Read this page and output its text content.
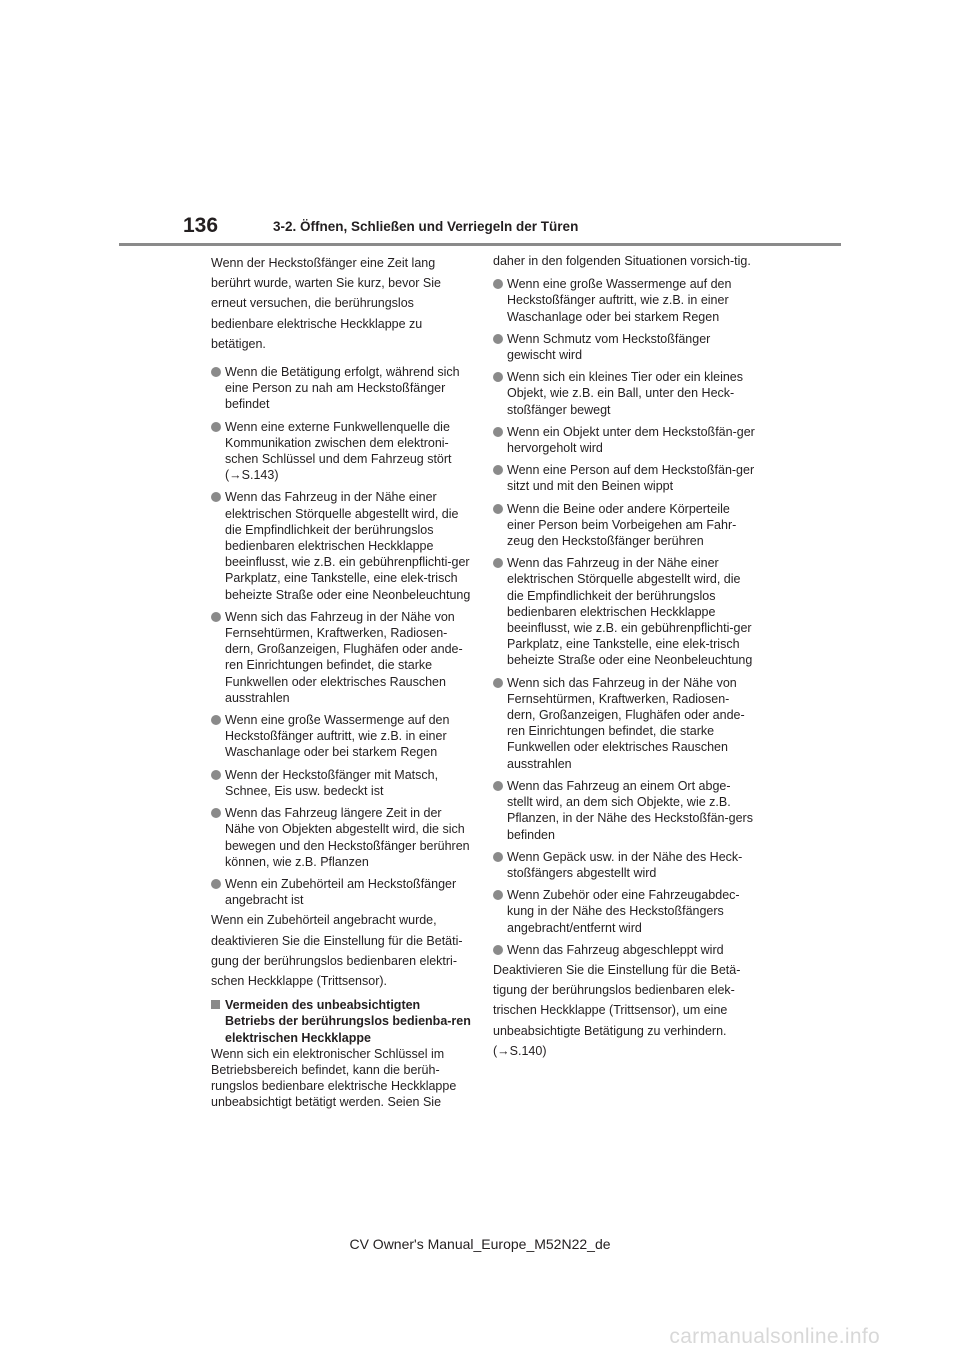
136	3-2. Öffnen, Schließen und Verriegeln der Türen

Wenn der Heckstoßfänger eine Zeit lang berührt wurde, warten Sie kurz, bevor Sie erneut versuchen, die berührungslos bedienbare elektrische Heckklappe zu betätigen.

Wenn die Betätigung erfolgt, während sich eine Person zu nah am Heckstoßfänger befindet
Wenn eine externe Funkwellenquelle die Kommunikation zwischen dem elektroni-schen Schlüssel und dem Fahrzeug stört (→S.143)
Wenn das Fahrzeug in der Nähe einer elektrischen Störquelle abgestellt wird, die die Empfindlichkeit der berührungslos bedienbaren elektrischen Heckklappe beeinflusst, wie z.B. ein gebührenpflichti-ger Parkplatz, eine Tankstelle, eine elek-trisch beheizte Straße oder eine Neonbeleuchtung
Wenn sich das Fahrzeug in der Nähe von Fernsehtürmen, Kraftwerken, Radiosen-dern, Großanzeigen, Flughäfen oder ande-ren Einrichtungen befindet, die starke Funkwellen oder elektrisches Rauschen ausstrahlen
Wenn eine große Wassermenge auf den Heckstoßfänger auftritt, wie z.B. in einer Waschanlage oder bei starkem Regen
Wenn der Heckstoßfänger mit Matsch, Schnee, Eis usw. bedeckt ist
Wenn das Fahrzeug längere Zeit in der Nähe von Objekten abgestellt wird, die sich bewegen und den Heckstoßfänger berühren können, wie z.B. Pflanzen
Wenn ein Zubehörteil am Heckstoßfänger angebracht ist

Wenn ein Zubehörteil angebracht wurde, deaktivieren Sie die Einstellung für die Betäti-gung der berührungslos bedienbaren elektri-schen Heckklappe (Trittsensor).

Vermeiden des unbeabsichtigten Betriebs der berührungslos bedienba-ren elektrischen Heckklappe

Wenn sich ein elektronischer Schlüssel im Betriebsbereich befindet, kann die berüh-rungslos bedienbare elektrische Heckklappe unbeabsichtigt betätigt werden. Seien Sie

daher in den folgenden Situationen vorsich-tig.

Wenn eine große Wassermenge auf den Heckstoßfänger auftritt, wie z.B. in einer Waschanlage oder bei starkem Regen
Wenn Schmutz vom Heckstoßfänger gewischt wird
Wenn sich ein kleines Tier oder ein kleines Objekt, wie z.B. ein Ball, unter den Heck-stoßfänger bewegt
Wenn ein Objekt unter dem Heckstoßfän-ger hervorgeholt wird
Wenn eine Person auf dem Heckstoßfän-ger sitzt und mit den Beinen wippt
Wenn die Beine oder andere Körperteile einer Person beim Vorbeigehen am Fahr-zeug den Heckstoßfänger berühren
Wenn das Fahrzeug in der Nähe einer elektrischen Störquelle abgestellt wird, die die Empfindlichkeit der berührungslos bedienbaren elektrischen Heckklappe beeinflusst, wie z.B. ein gebührenpflichti-ger Parkplatz, eine Tankstelle, eine elek-trisch beheizte Straße oder eine Neonbeleuchtung
Wenn sich das Fahrzeug in der Nähe von Fernsehtürmen, Kraftwerken, Radiosen-dern, Großanzeigen, Flughäfen oder ande-ren Einrichtungen befindet, die starke Funkwellen oder elektrisches Rauschen ausstrahlen
Wenn das Fahrzeug an einem Ort abge-stellt wird, an dem sich Objekte, wie z.B. Pflanzen, in der Nähe des Heckstoßfän-gers befinden
Wenn Gepäck usw. in der Nähe des Heck-stoßfängers abgestellt wird
Wenn Zubehör oder eine Fahrzeugabdec-kung in der Nähe des Heckstoßfängers angebracht/entfernt wird
Wenn das Fahrzeug abgeschleppt wird

Deaktivieren Sie die Einstellung für die Betä-tigung der berührungslos bedienbaren elek-trischen Heckklappe (Trittsensor), um eine unbeabsichtigte Betätigung zu verhindern.

(→S.140)

CV Owner's Manual_Europe_M52N22_de
carmanualsonline.info
